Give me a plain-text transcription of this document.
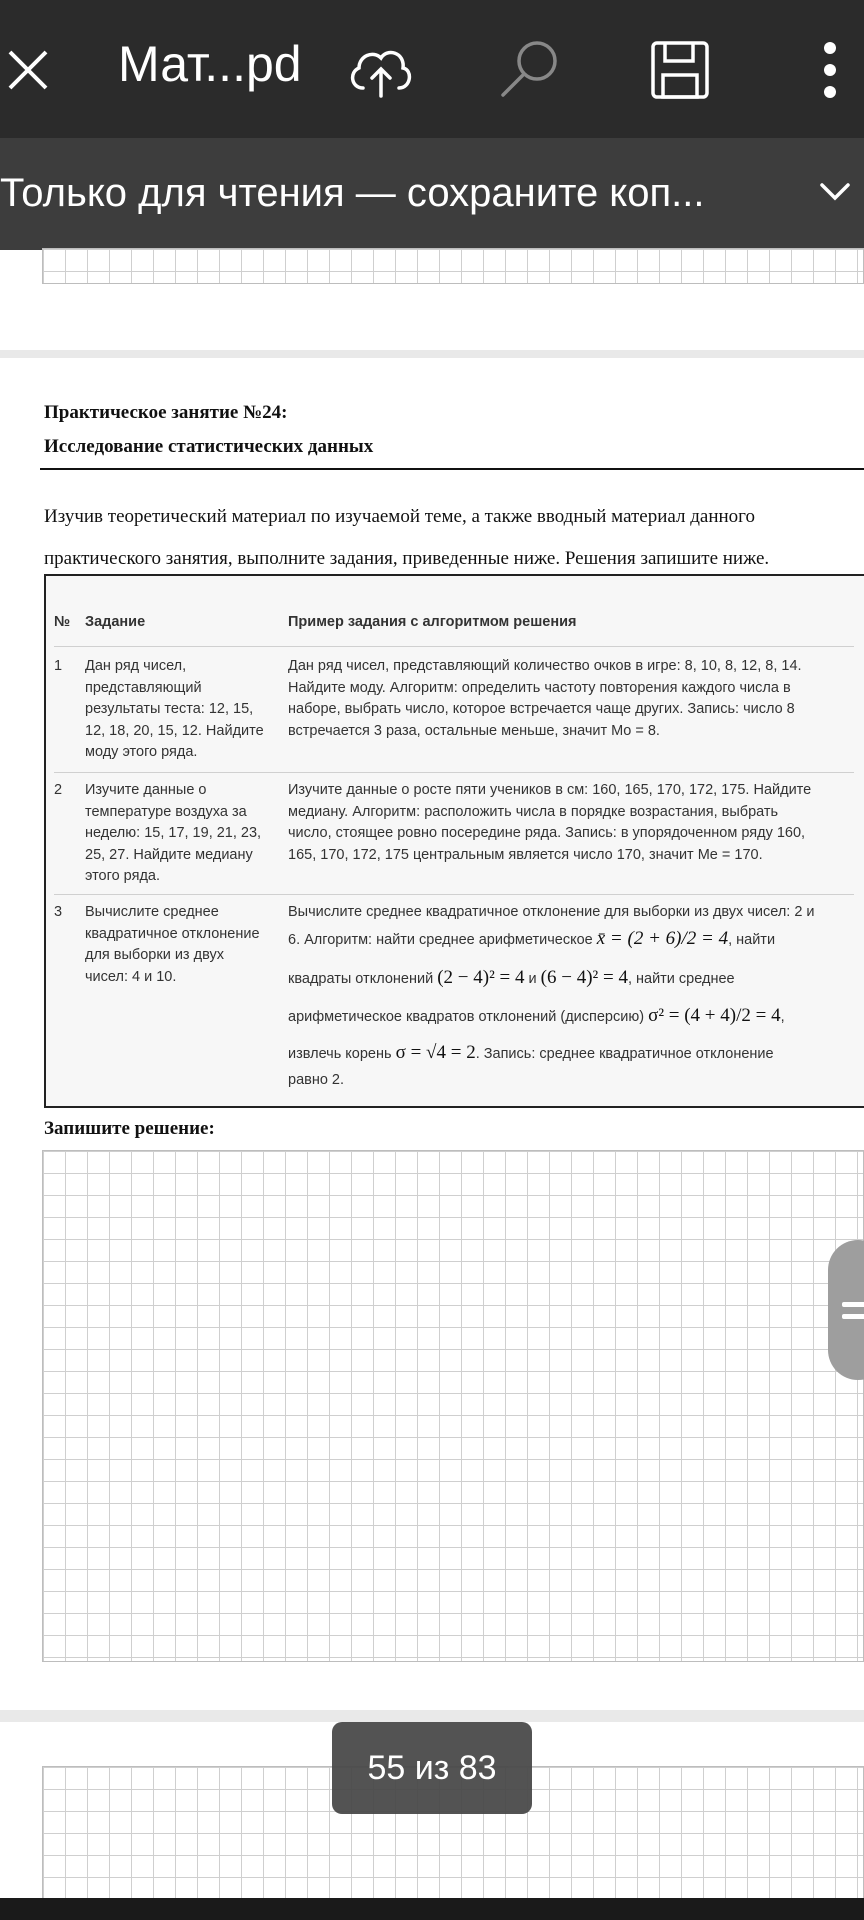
Мат...pd
Только для чтения — сохраните коп...
Практическое занятие №24:
Исследование статистических данных
Изучив теоретический материал по изучаемой теме, а также вводный материал данного
практического занятия, выполните задания, приведенные ниже. Решения запишите ниже.
№ Задание	Пример задания с алгоритмом решения
1 Дан ряд чисел,
представляющий
результаты теста: 12, 15,
12, 18, 20, 15, 12. Найдите
моду этого ряда.
Дан ряд чисел, представляющий количество очков в игре: 8, 10, 8, 12, 8, 14.
Найдите моду. Алгоритм: определить частоту повторения каждого числа в
наборе, выбрать число, которое встречается чаще других. Запись: число 8
встречается 3 раза, остальные меньше, значит Mo = 8.
2 Изучите данные о
температуре воздуха за
неделю: 15, 17, 19, 21, 23,
25, 27. Найдите медиану
этого ряда.
Изучите данные о росте пяти учеников в см: 160, 165, 170, 172, 175. Найдите
медиану. Алгоритм: расположить числа в порядке возрастания, выбрать
число, стоящее ровно посередине ряда. Запись: в упорядоченном ряду 160,
165, 170, 172, 175 центральным является число 170, значит Me = 170.
3 Вычислите среднее
квадратичное отклонение
для выборки из двух
чисел: 4 и 10.
Вычислите среднее квадратичное отклонение для выборки из двух чисел: 2 и
6. Алгоритм: найти среднее арифметическое x̄ = (2 + 6)/2 = 4, найти
квадраты отклонений (2 − 4)² = 4 и (6 − 4)² = 4, найти среднее
арифметическое квадратов отклонений (дисперсию) σ² = (4 + 4)/2 = 4,
извлечь корень σ = √4 = 2. Запись: среднее квадратичное отклонение
равно 2.
Запишите решение:
55 из 83
